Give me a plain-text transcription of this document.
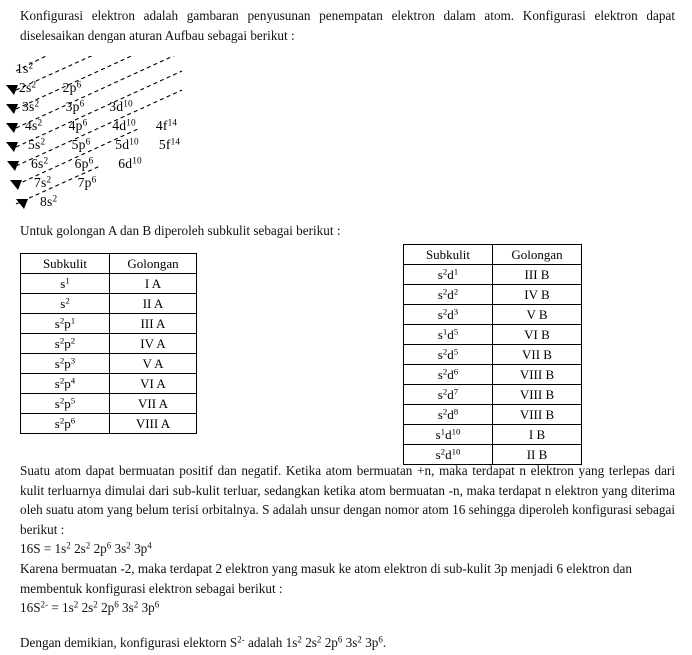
Konfigurasi elektron adalah gambaran penyusunan penempatan elektron dalam atom. Konfigurasi elektron dapat diselesaikan dengan aturan Aufbau sebagai berikut :
$1s^2$
$2s^2$ $2p^6$
$3s^2$ $3p^6$ $3d^{10}$
$4s^2$ $4p^6$ $4d^{10}$ $4f^{14}$
$5s^2$ $5p^6$ $5d^{10}$ $5f^{14}$
$6s^2$ $6p^6$ $6d^{10}$
$7s^2$ $7p^6$
$8s^2$
Untuk golongan A dan B diperoleh subkulit sebagai berikut :
Subkulit	Golongan
$s^1$	I A
$s^2$	II A
$s^2p^1$	III A
$s^2p^2$	IV A
$s^2p^3$	V A
$s^2p^4$	VI A
$s^2p^5$	VII A
$s^2p^6$	VIII A
Subkulit	Golongan
$s^2d^1$	III B
$s^2d^2$	IV B
$s^2d^3$	V B
$s^1d^5$	VI B
$s^2d^5$	VII B
$s^2d^6$	VIII B
$s^2d^7$	VIII B
$s^2d^8$	VIII B
$s^1d^{10}$	I B
$s^2d^{10}$	II B
Suatu atom dapat bermuatan positif dan negatif. Ketika atom bermuatan +n, maka terdapat n elektron yang terlepas dari kulit terluarnya dimulai dari sub-kulit terluar, sedangkan ketika atom bermuatan -n, maka terdapat n elektron yang diterima oleh suatu atom yang belum terisi orbitalnya. S adalah unsur dengan nomor atom 16 sehingga diperoleh konfigurasi sebagai berikut :
$16S = 1s^2$ $2s^2$ $2p^6$ $3s^2$ $3p^4$
Karena bermuatan -2, maka terdapat 2 elektron yang masuk ke atom elektron di sub-kulit 3p menjadi 6 elektron dan membentuk konfigurasi elektron sebagai berikut :
$16S^{2-} = 1s^2$ $2s^2$ $2p^6$ $3s^2$ $3p^6$
Dengan demikian, konfigurasi elektorn $S^{2-}$ adalah $1s^2$ $2s^2$ $2p^6$ $3s^2$ $3p^6$.
